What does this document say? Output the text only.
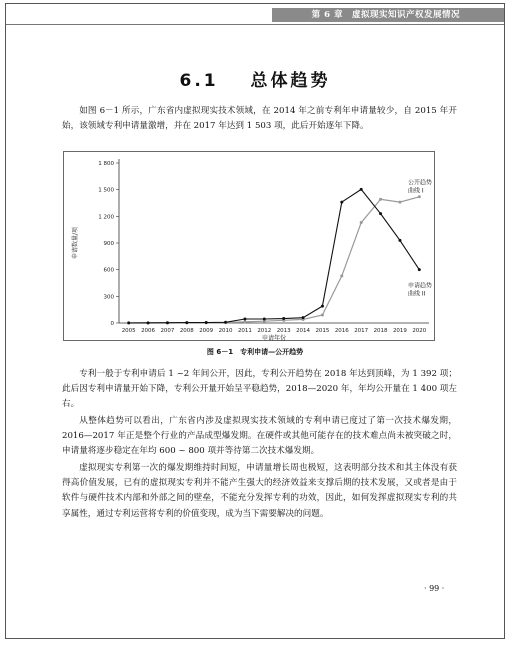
第 6 章　虚拟现实知识产权发展情况
6.1 总体趋势

如图 6－1 所示，广东省内虚拟现实技术领域，在 2014 年之前专利年申请量较少，自 2015 年开始，该领域专利申请量激增，并在 2017 年达到 1 503 项，此后开始逐年下降。

0
300
600
900
1 200
1 500
1 800
2005 2006 2007 2008 2009 2010 2011 2012 2013 2014 2015 2016 2017 2018 2019 2020
申请年份
申请数量/项
公开趋势
曲线 I
申请趋势
曲线 II
图 6－1　专利申请—公开趋势

专利一般于专利申请后 1 ~2 年间公开，因此，专利公开趋势在 2018 年达到顶峰，为 1 392 项；此后因专利申请量开始下降，专利公开量开始呈平稳趋势，2018—2020 年，年均公开量在 1 400 项左右。

从整体趋势可以看出，广东省内涉及虚拟现实技术领域的专利申请已度过了第一次技术爆发期，2016—2017 年正是整个行业的产品成型爆发期。在硬件或其他可能存在的技术难点尚未被突破之时，申请量将逐步稳定在年均 600 ~ 800 项并等待第二次技术爆发期。

虚拟现实专利第一次的爆发期维持时间短，申请量增长周也极短，这表明部分技术和其主体没有获得高价值发展，已有的虚拟现实专利并不能产生强大的经济效益来支撑后期的技术发展，又或者是由于软件与硬件技术内部和外部之间的壁垒，不能充分发挥专利的功效，因此，如何发挥虚拟现实专利的共享属性，通过专利运营将专利的价值变现，成为当下需要解决的问题。

· 99 ·
